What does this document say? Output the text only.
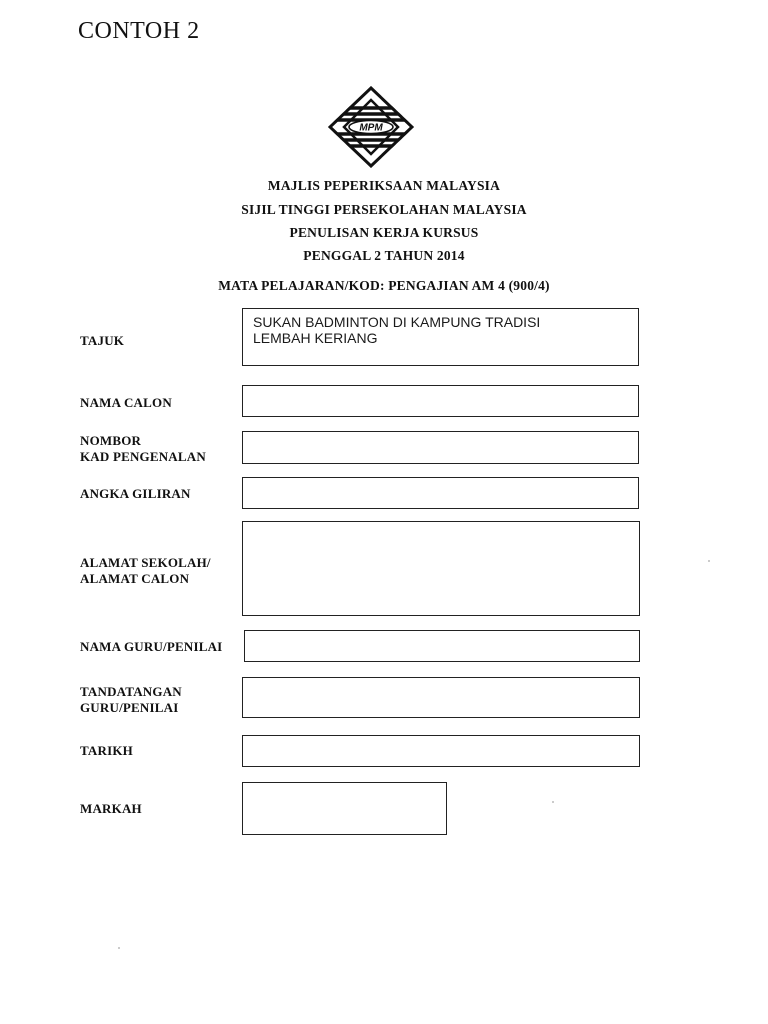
CONTOH 2
MPM
MAJLIS PEPERIKSAAN MALAYSIA
SIJIL TINGGI PERSEKOLAHAN MALAYSIA
PENULISAN KERJA KURSUS
PENGGAL 2 TAHUN 2014
MATA PELAJARAN/KOD: PENGAJIAN AM 4 (900/4)
TAJUK
SUKAN BADMINTON DI KAMPUNG TRADISI
LEMBAH KERIANG
NAMA CALON
NOMBOR
KAD PENGENALAN
ANGKA GILIRAN
ALAMAT SEKOLAH/
ALAMAT CALON
NAMA GURU/PENILAI
TANDATANGAN
GURU/PENILAI
TARIKH
MARKAH
